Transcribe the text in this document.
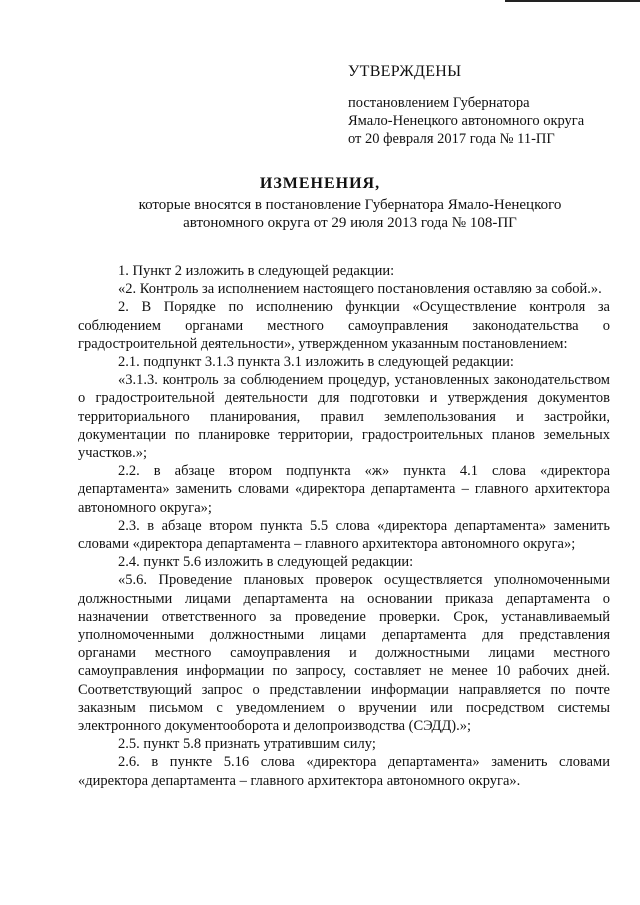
УТВЕРЖДЕНЫ
постановлением Губернатора
Ямало-Ненецкого автономного округа
от 20 февраля 2017 года № 11-ПГ
ИЗМЕНЕНИЯ,
которые вносятся в постановление Губернатора Ямало-Ненецкого
автономного округа от 29 июля 2013 года № 108-ПГ

1. Пункт 2 изложить в следующей редакции:

«2. Контроль за исполнением настоящего постановления оставляю за собой.».

2. В Порядке по исполнению функции «Осуществление контроля за соблюдением органами местного самоуправления законодательства о градостроительной деятельности», утвержденном указанным постановлением:

2.1. подпункт 3.1.3 пункта 3.1 изложить в следующей редакции:

«3.1.3. контроль за соблюдением процедур, установленных законодательством о градостроительной деятельности для подготовки и утверждения документов территориального планирования, правил землепользования и застройки, документации по планировке территории, градостроительных планов земельных участков.»;

2.2. в абзаце втором подпункта «ж» пункта 4.1 слова «директора департамента» заменить словами «директора департамента – главного архитектора автономного округа»;

2.3. в абзаце втором пункта 5.5 слова «директора департамента» заменить словами «директора департамента – главного архитектора автономного округа»;

2.4. пункт 5.6 изложить в следующей редакции:

«5.6. Проведение плановых проверок осуществляется уполномоченными должностными лицами департамента на основании приказа департамента о назначении ответственного за проведение проверки. Срок, устанавливаемый уполномоченными должностными лицами департамента для представления органами местного самоуправления и должностными лицами местного самоуправления информации по запросу, составляет не менее 10 рабочих дней. Соответствующий запрос о представлении информации направляется по почте заказным письмом с уведомлением о вручении или посредством системы электронного документооборота и делопроизводства (СЭДД).»;

2.5. пункт 5.8 признать утратившим силу;

2.6. в пункте 5.16 слова «директора департамента» заменить словами «директора департамента – главного архитектора автономного округа».
